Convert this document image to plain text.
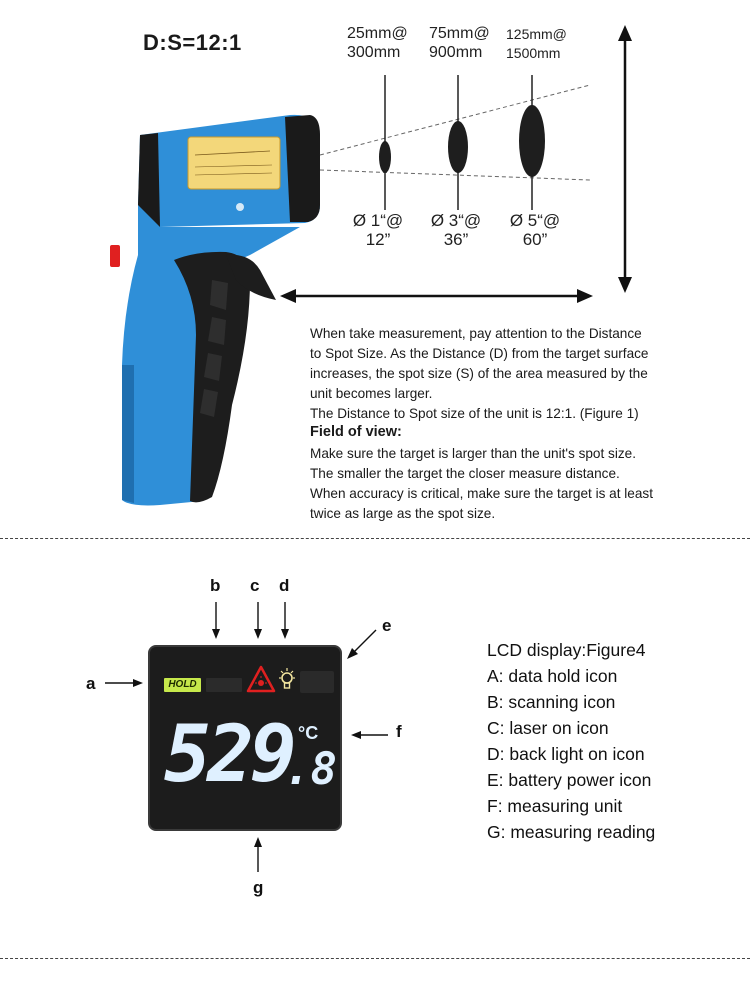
D:S=12:1	25mm@
300mm
75mm@
900mm
125mm@
1500mm
Ø 1“@
12”
Ø 3“@
36”
Ø 5“@
60”
When take measurement, pay attention to the Distance
to Spot Size. As the Distance (D) from the target surface
increases, the spot size (S) of the area measured by the
unit becomes larger.
The Distance to Spot size of the unit is 12:1. (Figure 1)
Field of view:
Make sure the target is larger than the unit's spot size.
The smaller the target the closer measure distance.
When accuracy is critical, make sure the target is at least
twice as large as the spot size.
a
b c d
e
f
g
HOLD
529
.8
°C
LCD display:Figure4
A: data hold icon
B: scanning icon
C: laser on icon
D: back light on icon
E: battery power icon
F: measuring unit
G: measuring reading
